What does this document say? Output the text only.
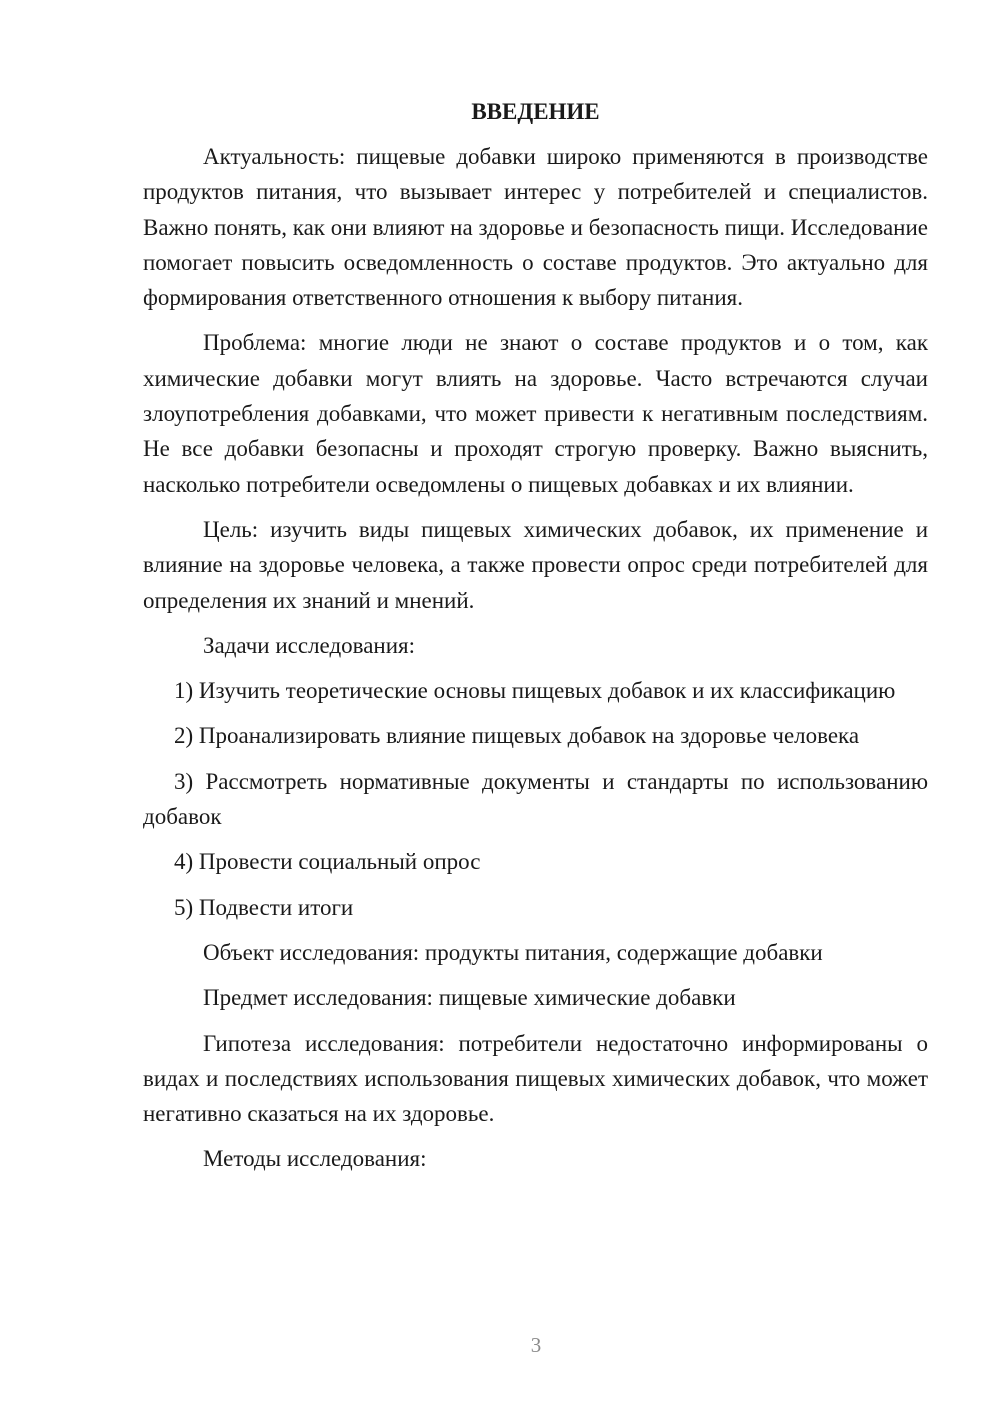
ВВЕДЕНИЕ

Актуальность: пищевые добавки широко применяются в производстве продуктов питания, что вызывает интерес у потребителей и специалистов. Важно понять, как они влияют на здоровье и безопасность пищи. Исследование помогает повысить осведомленность о составе продуктов. Это актуально для формирования ответственного отношения к выбору питания.

Проблема: многие люди не знают о составе продуктов и о том, как химические добавки могут влиять на здоровье. Часто встречаются случаи злоупотребления добавками, что может привести к негативным последствиям. Не все добавки безопасны и проходят строгую проверку. Важно выяснить, насколько потребители осведомлены о пищевых добавках и их влиянии.

Цель: изучить виды пищевых химических добавок, их применение и влияние на здоровье человека, а также провести опрос среди потребителей для определения их знаний и мнений.

Задачи исследования:

1) Изучить теоретические основы пищевых добавок и их классификацию

2) Проанализировать влияние пищевых добавок на здоровье человека

3) Рассмотреть нормативные документы и стандарты по использованию добавок

4) Провести социальный опрос

5) Подвести итоги

Объект исследования: продукты питания, содержащие добавки

Предмет исследования: пищевые химические добавки

Гипотеза исследования: потребители недостаточно информированы о видах и последствиях использования пищевых химических добавок, что может негативно сказаться на их здоровье.

Методы исследования:

3
